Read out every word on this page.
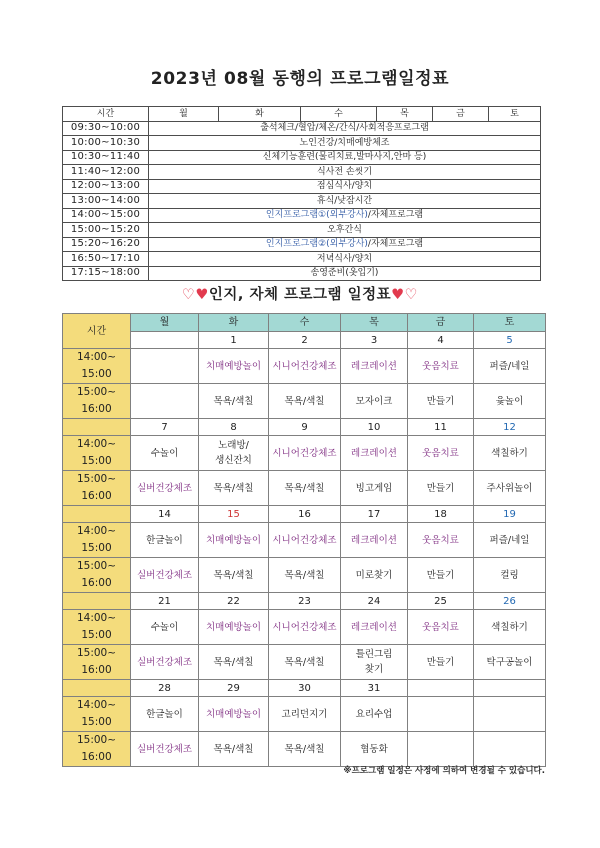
2023년 08월 동행의 프로그램일정표
시간	월	화	수	목	금	토
09:30~10:00	출석체크/혈압/체온/간식/사회적응프로그램					
10:00~10:30	노인건강/치매예방체조					
10:30~11:40	신체기능훈련(물리치료,발마사지,안마 등)					
11:40~12:00	식사전 손씻기					
12:00~13:00	점심식사/양치					
13:00~14:00	휴식/낮잠시간					
14:00~15:00	인지프로그램①(외부강사)/자체프로그램					
15:00~15:20	오후간식					
15:20~16:20	인지프로그램②(외부강사)/자체프로그램					
16:50~17:10	저녁식사/양치					
17:15~18:00	송영준비(옷입기)					
♡♥인지, 자체 프로그램 일정표♥♡
시간	월	화	수	목	금	토
		1	2	3	4	5
14:00~
15:00		치매예방놀이	시니어건강체조	레크레이션	웃음치료	퍼즐/네일
15:00~
16:00		목욕/색칠	목욕/색칠	모자이크	만들기	윷놀이
	7	8	9	10	11	12
14:00~
15:00	수놀이	노래방/
생신잔치	시니어건강체조	레크레이션	웃음치료	색칠하기
15:00~
16:00	실버건강체조	목욕/색칠	목욕/색칠	빙고게임	만들기	주사위놀이
	14	15	16	17	18	19
14:00~
15:00	한글놀이	치매예방놀이	시니어건강체조	레크레이션	웃음치료	퍼즐/네일
15:00~
16:00	실버건강체조	목욕/색칠	목욕/색칠	미로찾기	만들기	컬링
	21	22	23	24	25	26
14:00~
15:00	수놀이	치매예방놀이	시니어건강체조	레크레이션	웃음치료	색칠하기
15:00~
16:00	실버건강체조	목욕/색칠	목욕/색칠	틀린그림
찾기	만들기	탁구공놀이
	28	29	30	31		
14:00~
15:00	한글놀이	치매예방놀이	고리던지기	요리수업		
15:00~
16:00	실버건강체조	목욕/색칠	목욕/색칠	협동화		
※프로그램 일정은 사정에 의하여 변경될 수 있습니다.
